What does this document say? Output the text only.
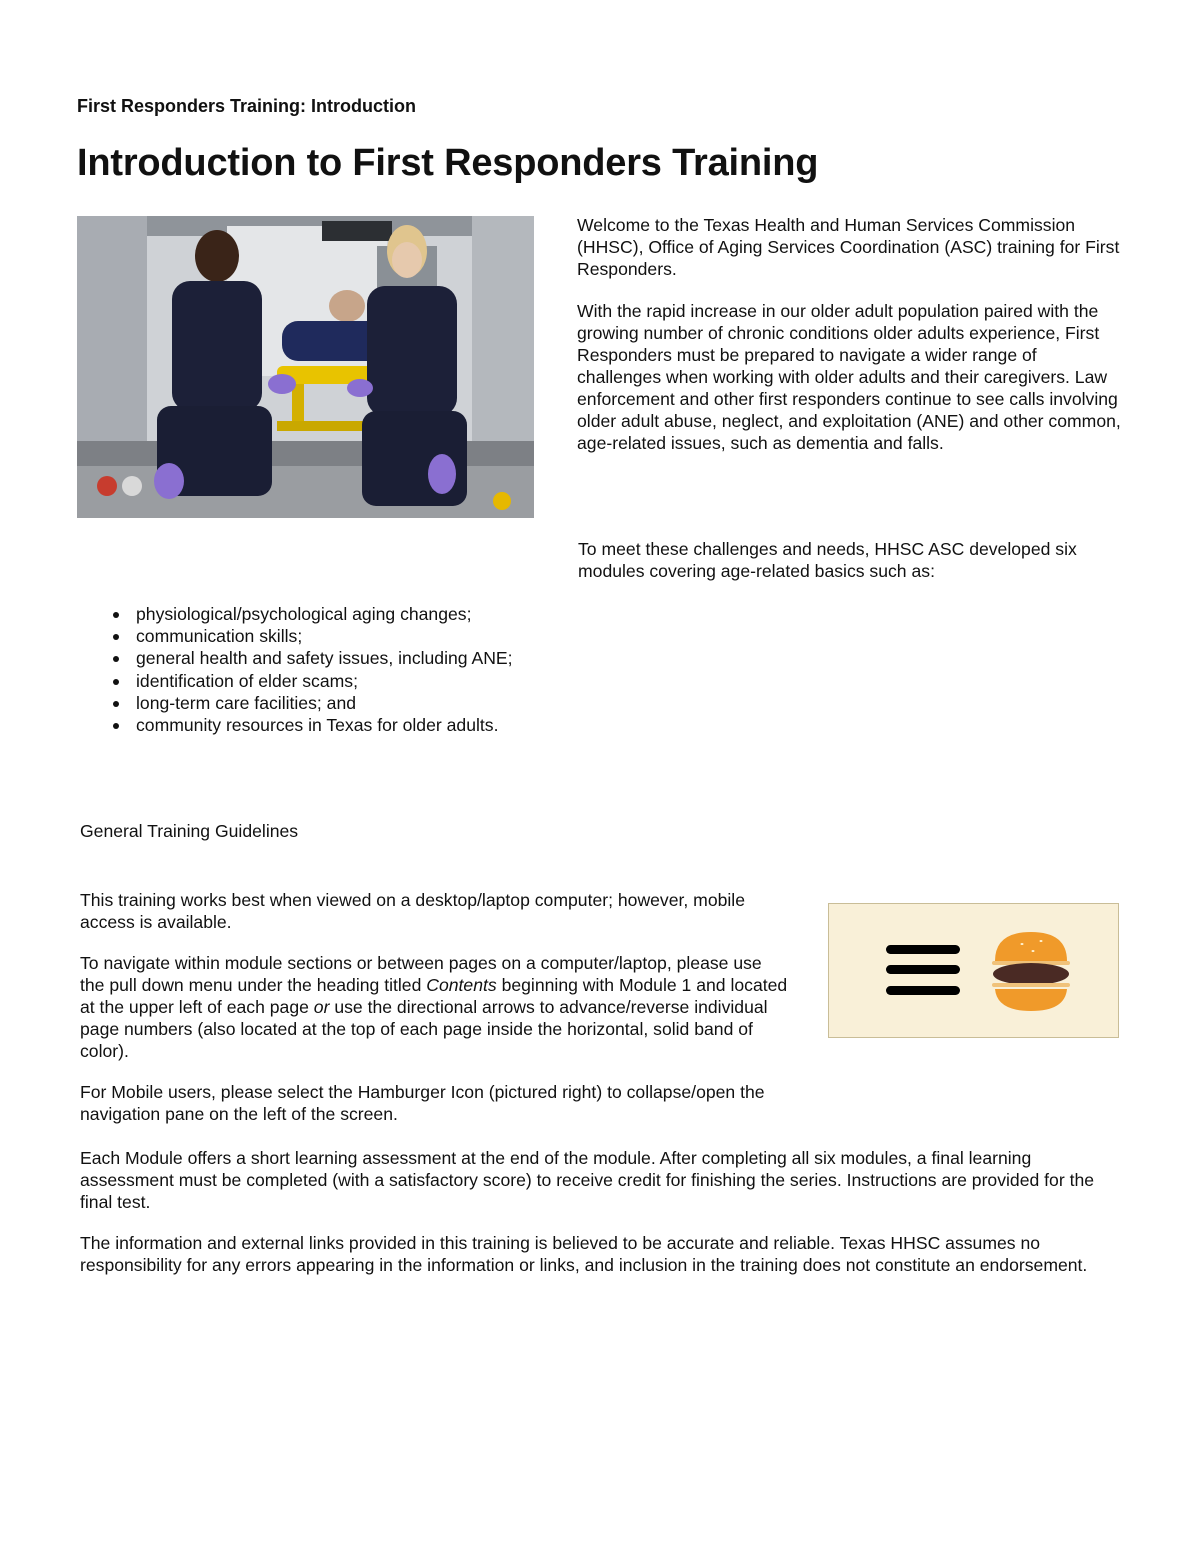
First Responders Training: Introduction
Introduction to First Responders Training

Welcome to the Texas Health and Human Services Commission (HHSC), Office of Aging Services Coordination (ASC) training for First Responders.

With the rapid increase in our older adult population paired with the growing number of chronic conditions older adults experience, First Responders must be prepared to navigate a wider range of challenges when working with older adults and their caregivers. Law enforcement and other first responders continue to see calls involving older adult abuse, neglect, and exploitation (ANE) and other common, age-related issues, such as dementia and falls.

To meet these challenges and needs, HHSC ASC developed six modules covering age-related basics such as:

physiological/psychological aging changes;
communication skills;
general health and safety issues, including ANE;
identification of elder scams;
long-term care facilities; and
community resources in Texas for older adults.
General Training Guidelines

This training works best when viewed on a desktop/laptop computer; however, mobile access is available.

To navigate within module sections or between pages on a computer/laptop, please use the pull down menu under the heading titled Contents beginning with Module 1 and located at the upper left of each page or use the directional arrows to advance/reverse individual page numbers (also located at the top of each page inside the horizontal, solid band of color).

For Mobile users, please select the Hamburger Icon (pictured right) to collapse/open the navigation pane on the left of the screen.

Each Module offers a short learning assessment at the end of the module. After completing all six modules, a final learning assessment must be completed (with a satisfactory score) to receive credit for finishing the series. Instructions are provided for the final test.

The information and external links provided in this training is believed to be accurate and reliable. Texas HHSC assumes no responsibility for any errors appearing in the information or links, and inclusion in the training does not constitute an endorsement.
